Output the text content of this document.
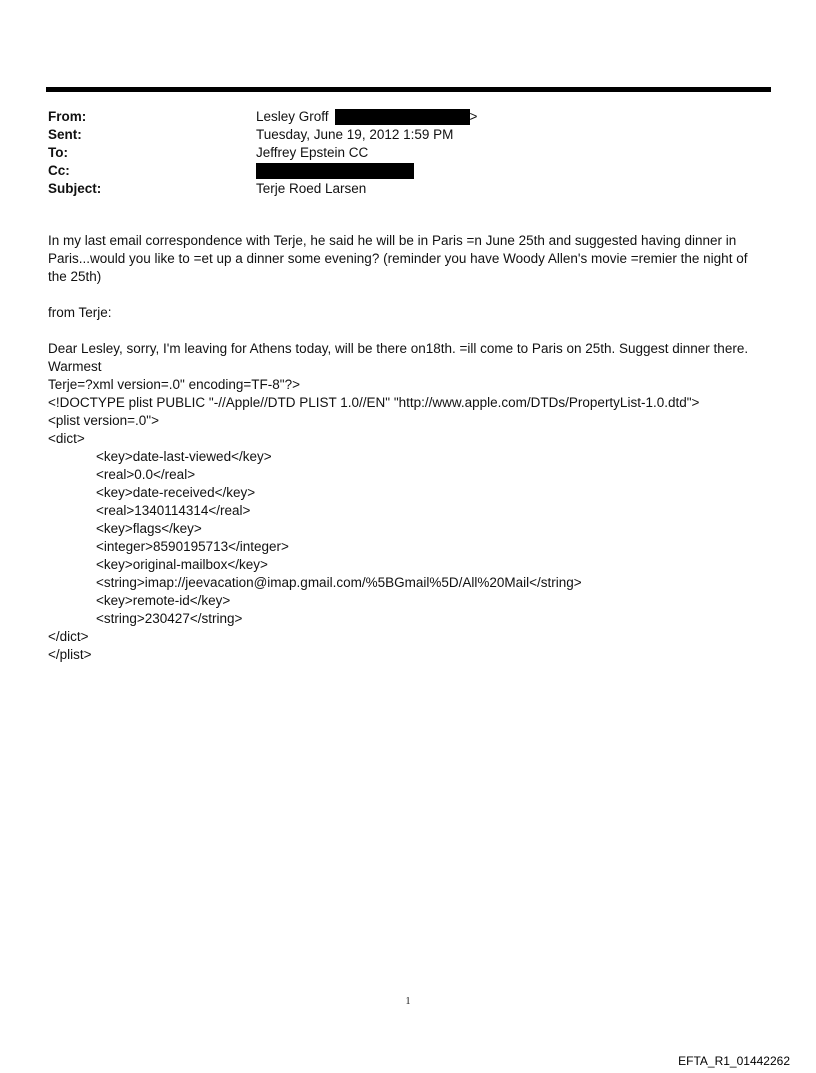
From:	Lesley Groff	>
Sent:	Tuesday, June 19, 2012 1:59 PM
To:	Jeffrey Epstein CC
Cc:
Subject:	Terje Roed Larsen

In my last email correspondence with Terje, he said he will be in Paris =n June 25th and suggested having dinner in Paris...would you like to =et up a dinner some evening? (reminder you have Woody Allen's movie =remier the night of the 25th)

from Terje:

Dear Lesley, sorry, I'm leaving for Athens today, will be there on18th. =ill come to Paris on 25th. Suggest dinner there.

Warmest

Terje=?xml version=.0" encoding=TF-8"?>

<!DOCTYPE plist PUBLIC "-//Apple//DTD PLIST 1.0//EN" "http://www.apple.com/DTDs/PropertyList-1.0.dtd">

<plist version=.0">

<dict>

<key>date-last-viewed</key>

<real>0.0</real>

<key>date-received</key>

<real>1340114314</real>

<key>flags</key>

<integer>8590195713</integer>

<key>original-mailbox</key>

<string>imap://jeevacation@imap.gmail.com/%5BGmail%5D/All%20Mail</string>

<key>remote-id</key>

<string>230427</string>

</dict>

</plist>

1
EFTA_R1_01442262
